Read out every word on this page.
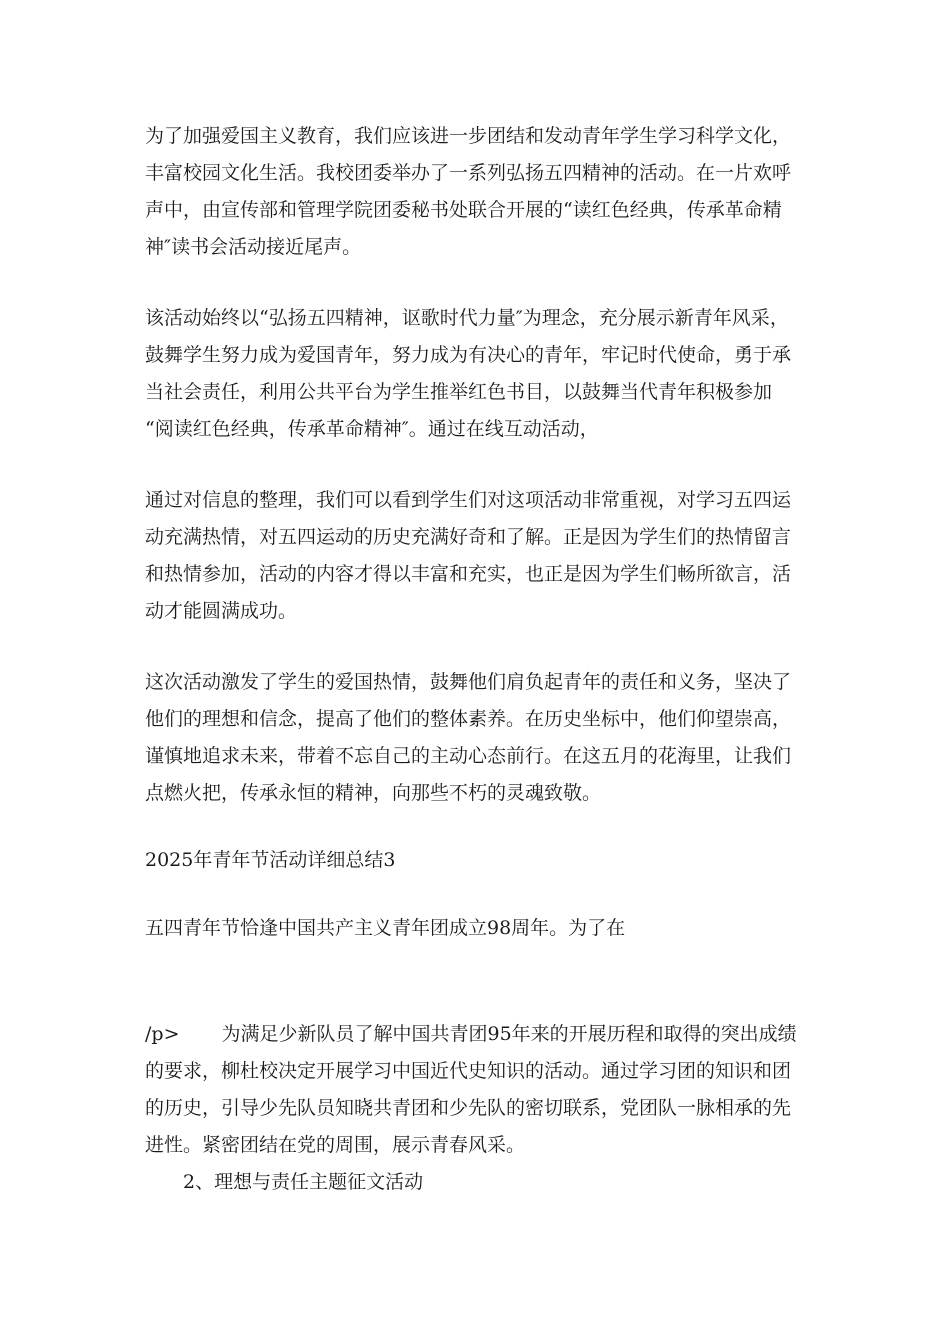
为了加强爱国主义教育，我们应该进一步团结和发动青年学生学习科学文化，
丰富校园文化生活。我校团委举办了一系列弘扬五四精神的活动。在一片欢呼
声中，由宣传部和管理学院团委秘书处联合开展的“读红色经典，传承革命精
神″读书会活动接近尾声。

该活动始终以“弘扬五四精神，讴歌时代力量″为理念，充分展示新青年风采，
鼓舞学生努力成为爱国青年，努力成为有决心的青年，牢记时代使命，勇于承
当社会责任，利用公共平台为学生推举红色书目，以鼓舞当代青年积极参加
“阅读红色经典，传承革命精神″。通过在线互动活动，

通过对信息的整理，我们可以看到学生们对这项活动非常重视，对学习五四运
动充满热情，对五四运动的历史充满好奇和了解。正是因为学生们的热情留言
和热情参加，活动的内容才得以丰富和充实，也正是因为学生们畅所欲言，活
动才能圆满成功。

这次活动激发了学生的爱国热情，鼓舞他们肩负起青年的责任和义务，坚决了
他们的理想和信念，提高了他们的整体素养。在历史坐标中，他们仰望崇高，
谨慎地追求未来，带着不忘自己的主动心态前行。在这五月的花海里，让我们
点燃火把，传承永恒的精神，向那些不朽的灵魂致敬。

2025年青年节活动详细总结3

五四青年节恰逢中国共产主义青年团成立98周年。为了在

/p> 为满足少新队员了解中国共青团95年来的开展历程和取得的突出成绩
的要求，柳杜校决定开展学习中国近代史知识的活动。通过学习团的知识和团
的历史，引导少先队员知晓共青团和少先队的密切联系，党团队一脉相承的先
进性。紧密团结在党的周围，展示青春风采。
2、理想与责任主题征文活动
